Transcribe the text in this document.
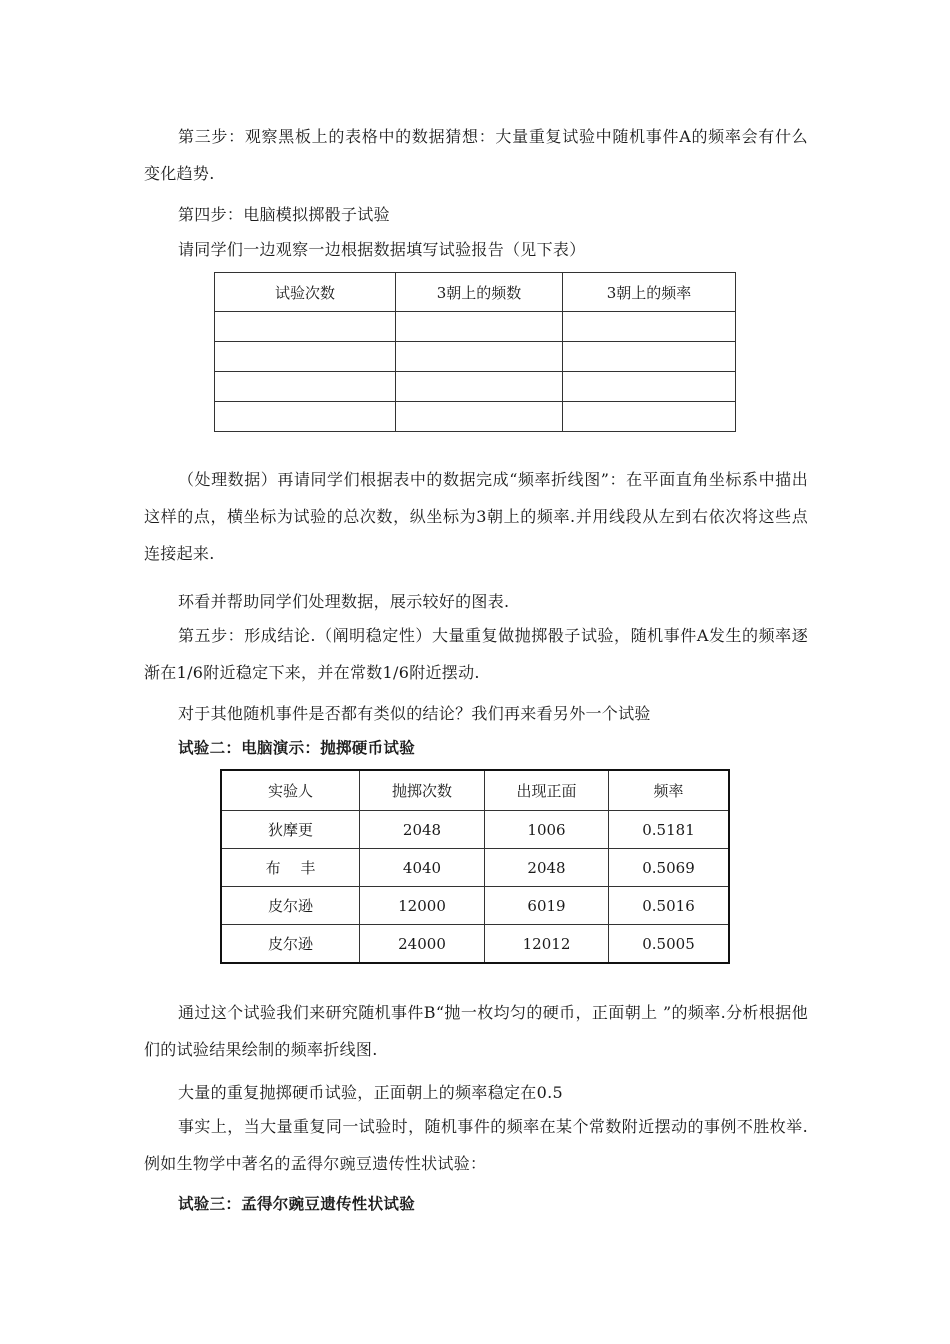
第三步：观察黑板上的表格中的数据猜想：大量重复试验中随机事件A的频率会有什么变化趋势.

第四步：电脑模拟掷骰子试验

请同学们一边观察一边根据数据填写试验报告（见下表）

试验次数	3朝上的频数	3朝上的频率

（处理数据）再请同学们根据表中的数据完成“频率折线图”：在平面直角坐标系中描出这样的点，横坐标为试验的总次数，纵坐标为3朝上的频率.并用线段从左到右依次将这些点连接起来.

环看并帮助同学们处理数据，展示较好的图表.

第五步：形成结论.（阐明稳定性）大量重复做抛掷骰子试验，随机事件A发生的频率逐渐在1/6附近稳定下来，并在常数1/6附近摆动.

对于其他随机事件是否都有类似的结论？我们再来看另外一个试验

试验二：电脑演示：抛掷硬币试验

实验人	抛掷次数	出现正面	频率
狄摩更	2048	1006	0.5181
布　 丰	4040	2048	0.5069
皮尔逊	12000	6019	0.5016
皮尔逊	24000	12012	0.5005

通过这个试验我们来研究随机事件B“抛一枚均匀的硬币，正面朝上 ”的频率.分析根据他们的试验结果绘制的频率折线图.

大量的重复抛掷硬币试验，正面朝上的频率稳定在0.5

事实上，当大量重复同一试验时，随机事件的频率在某个常数附近摆动的事例不胜枚举.例如生物学中著名的孟得尔豌豆遗传性状试验：

试验三：孟得尔豌豆遗传性状试验
